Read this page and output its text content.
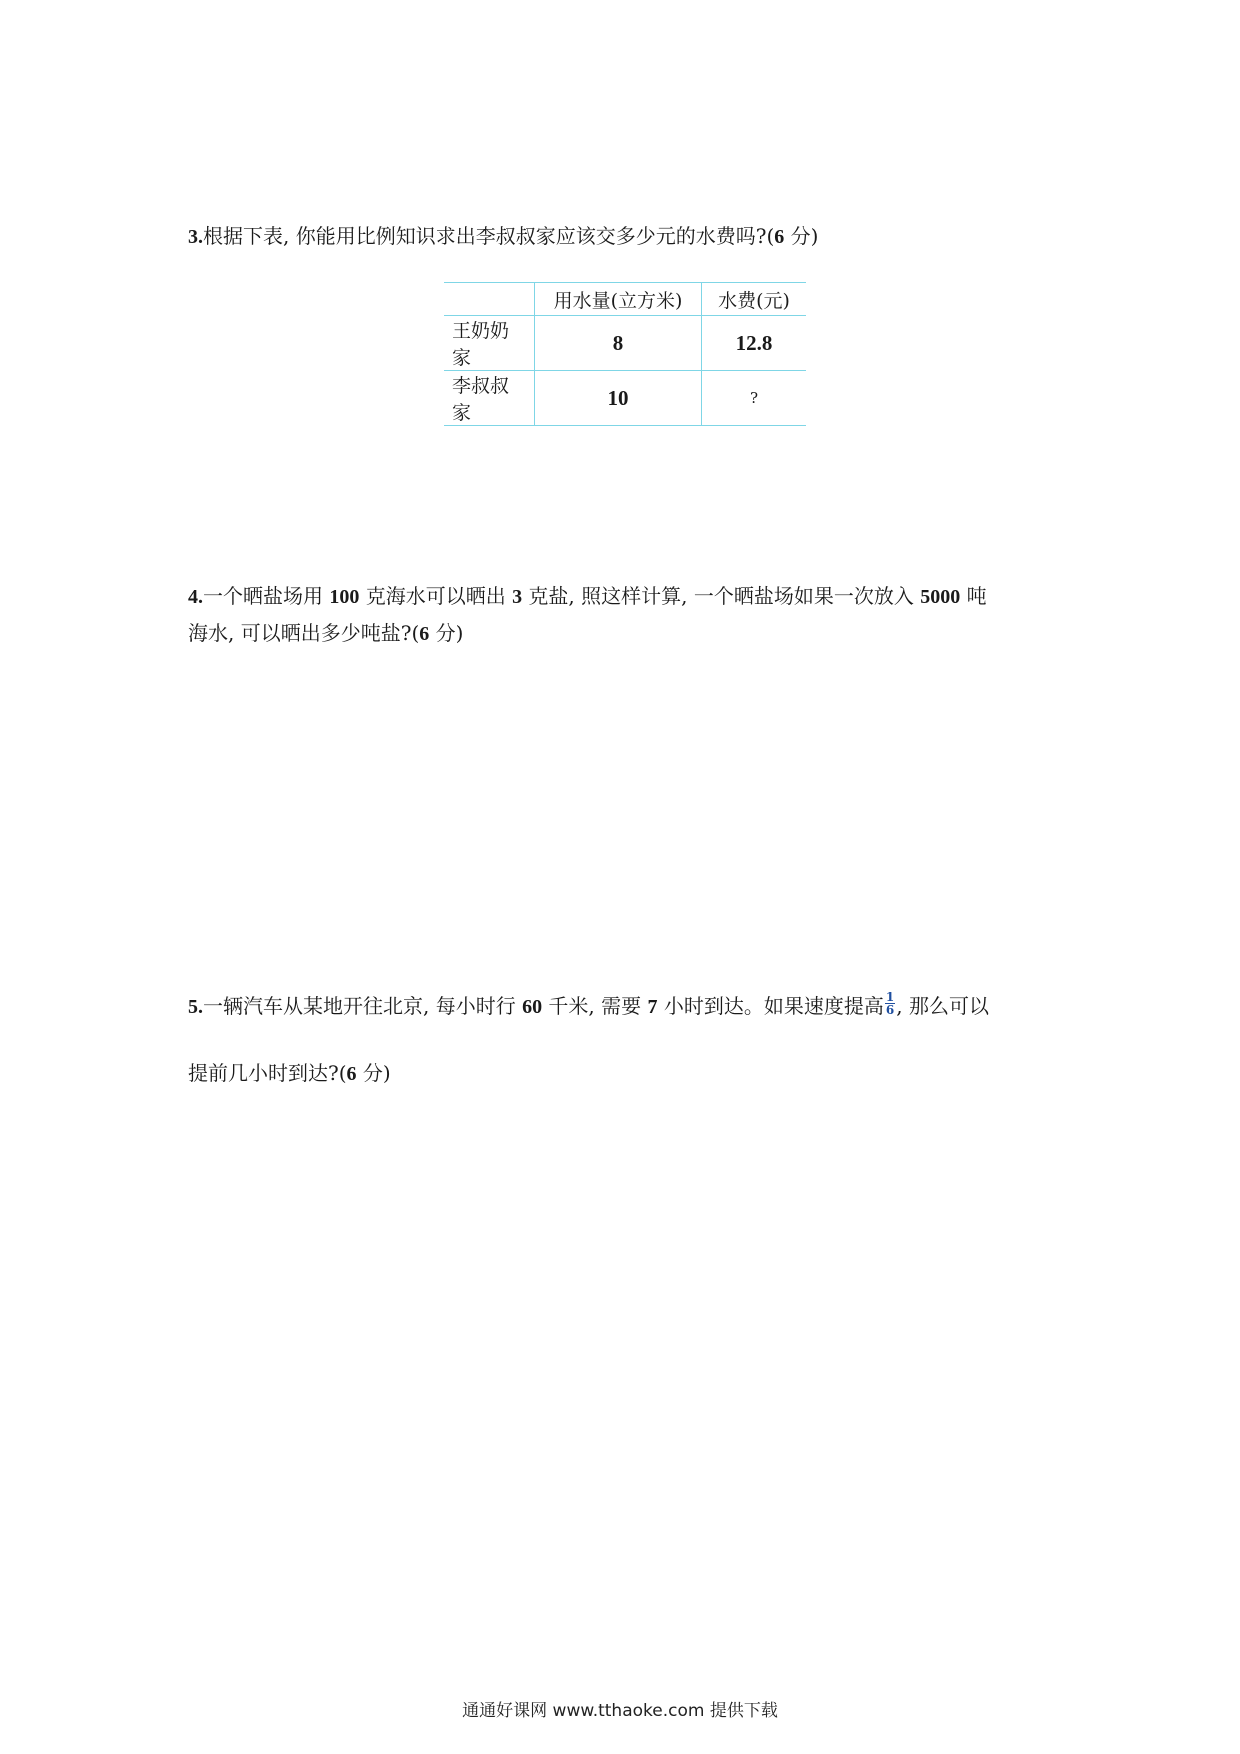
3.根据下表, 你能用比例知识求出李叔叔家应该交多少元的水费吗?(6 分)
	用水量(立方米)	水费(元)
王奶奶家	8	12.8
李叔叔家	10	?
4.一个晒盐场用 100 克海水可以晒出 3 克盐, 照这样计算, 一个晒盐场如果一次放入 5000 吨
海水, 可以晒出多少吨盐?(6 分)
5.一辆汽车从某地开往北京, 每小时行 60 千米, 需要 7 小时到达。如果速度提高 $\frac{1}{6}$ , 那么可以
提前几小时到达?(6 分)
通通好课网 www.tthaoke.com 提供下载
